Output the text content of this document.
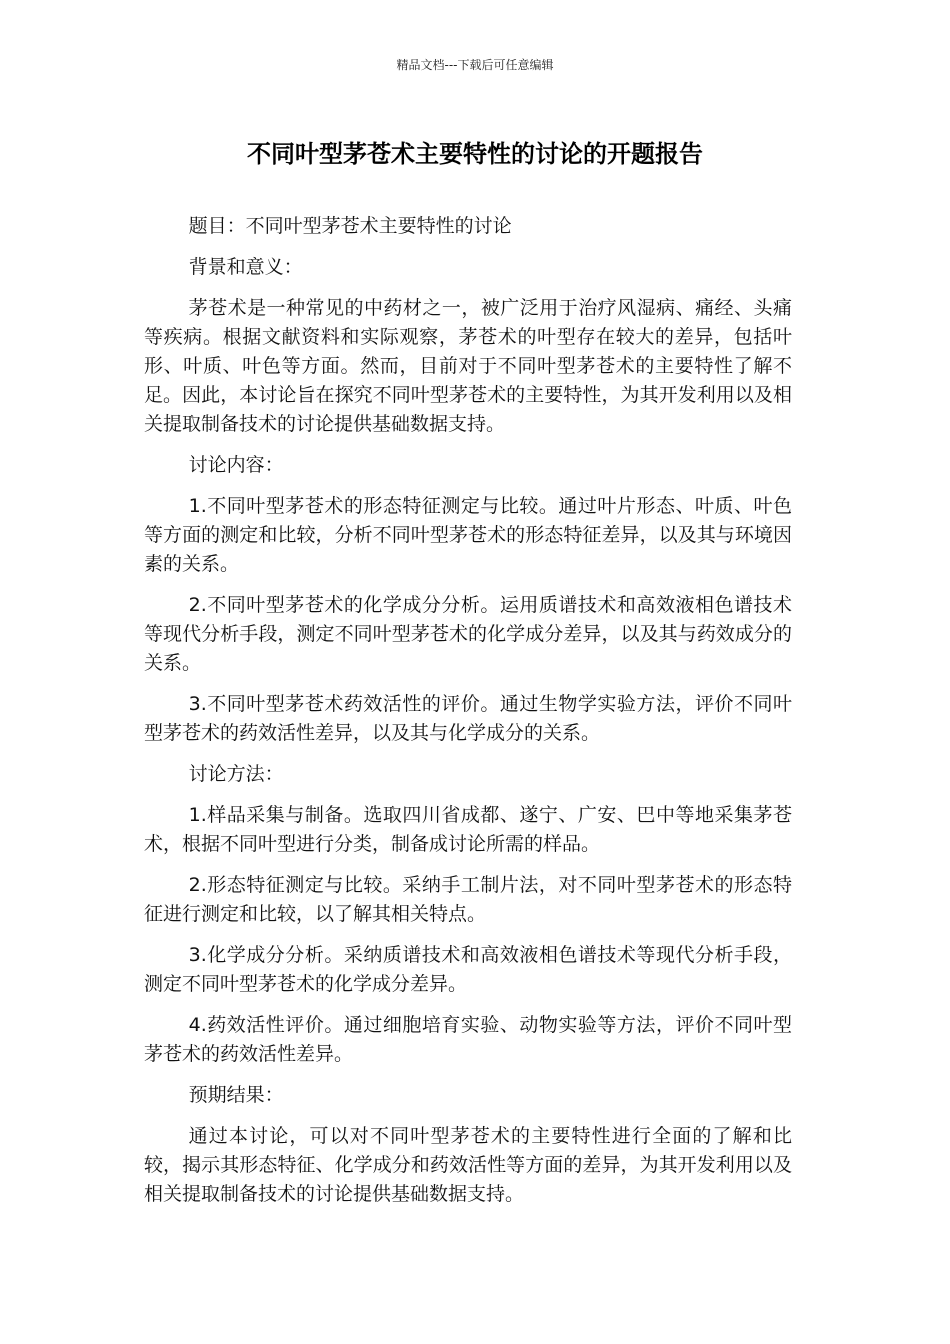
精品文档---下载后可任意编辑
不同叶型茅苍术主要特性的讨论的开题报告

题目：不同叶型茅苍术主要特性的讨论

背景和意义：

茅苍术是一种常见的中药材之一，被广泛用于治疗风湿病、痛经、头痛等疾病。根据文献资料和实际观察，茅苍术的叶型存在较大的差异，包括叶形、叶质、叶色等方面。然而，目前对于不同叶型茅苍术的主要特性了解不足。因此，本讨论旨在探究不同叶型茅苍术的主要特性，为其开发利用以及相关提取制备技术的讨论提供基础数据支持。

讨论内容：

1.不同叶型茅苍术的形态特征测定与比较。通过叶片形态、叶质、叶色等方面的测定和比较，分析不同叶型茅苍术的形态特征差异，以及其与环境因素的关系。

2.不同叶型茅苍术的化学成分分析。运用质谱技术和高效液相色谱技术等现代分析手段，测定不同叶型茅苍术的化学成分差异，以及其与药效成分的关系。

3.不同叶型茅苍术药效活性的评价。通过生物学实验方法，评价不同叶型茅苍术的药效活性差异，以及其与化学成分的关系。

讨论方法：

1.样品采集与制备。选取四川省成都、遂宁、广安、巴中等地采集茅苍术，根据不同叶型进行分类，制备成讨论所需的样品。

2.形态特征测定与比较。采纳手工制片法，对不同叶型茅苍术的形态特征进行测定和比较，以了解其相关特点。

3.化学成分分析。采纳质谱技术和高效液相色谱技术等现代分析手段，测定不同叶型茅苍术的化学成分差异。

4.药效活性评价。通过细胞培育实验、动物实验等方法，评价不同叶型茅苍术的药效活性差异。

预期结果：

通过本讨论，可以对不同叶型茅苍术的主要特性进行全面的了解和比较，揭示其形态特征、化学成分和药效活性等方面的差异，为其开发利用以及相关提取制备技术的讨论提供基础数据支持。
